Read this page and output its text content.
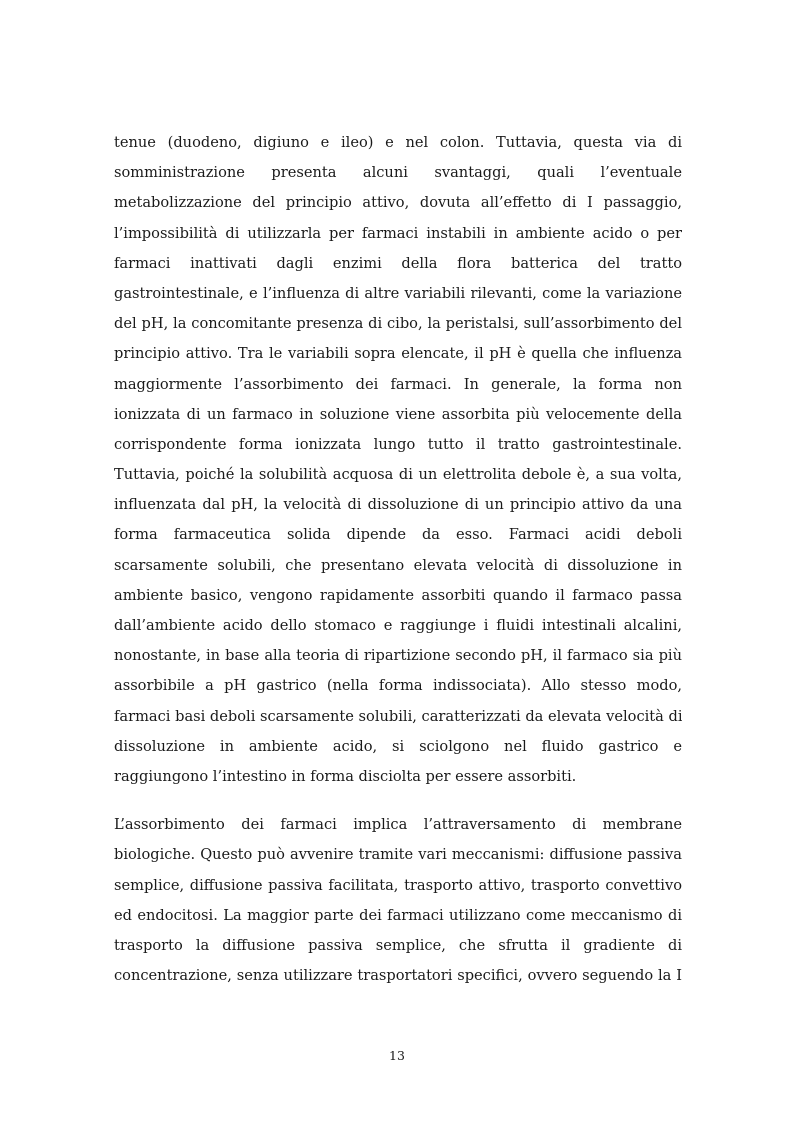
tenue (duodeno, digiuno e ileo) e nel colon. Tuttavia, questa via di
somministrazione presenta alcuni svantaggi, quali l’eventuale
metabolizzazione del principio attivo, dovuta all’effetto di I passaggio,
l’impossibilità di utilizzarla per farmaci instabili in ambiente acido o per
farmaci inattivati dagli enzimi della flora batterica del tratto
gastrointestinale, e l’influenza di altre variabili rilevanti, come la variazione
del pH, la concomitante presenza di cibo, la peristalsi, sull’assorbimento del
principio attivo. Tra le variabili sopra elencate, il pH è quella che influenza
maggiormente l’assorbimento dei farmaci. In generale, la forma non
ionizzata di un farmaco in soluzione viene assorbita più velocemente della
corrispondente forma ionizzata lungo tutto il tratto gastrointestinale.
Tuttavia, poiché la solubilità acquosa di un elettrolita debole è, a sua volta,
influenzata dal pH, la velocità di dissoluzione di un principio attivo da una
forma farmaceutica solida dipende da esso. Farmaci acidi deboli
scarsamente solubili, che presentano elevata velocità di dissoluzione in
ambiente basico, vengono rapidamente assorbiti quando il farmaco passa
dall’ambiente acido dello stomaco e raggiunge i fluidi intestinali alcalini,
nonostante, in base alla teoria di ripartizione secondo pH, il farmaco sia più
assorbibile a pH gastrico (nella forma indissociata). Allo stesso modo,
farmaci basi deboli scarsamente solubili, caratterizzati da elevata velocità di
dissoluzione in ambiente acido, si sciolgono nel fluido gastrico e
raggiungono l’intestino in forma disciolta per essere assorbiti.
L’assorbimento dei farmaci implica l’attraversamento di membrane
biologiche. Questo può avvenire tramite vari meccanismi: diffusione passiva
semplice, diffusione passiva facilitata, trasporto attivo, trasporto convettivo
ed endocitosi. La maggior parte dei farmaci utilizzano come meccanismo di
trasporto la diffusione passiva semplice, che sfrutta il gradiente di
concentrazione, senza utilizzare trasportatori specifici, ovvero seguendo la I
13
